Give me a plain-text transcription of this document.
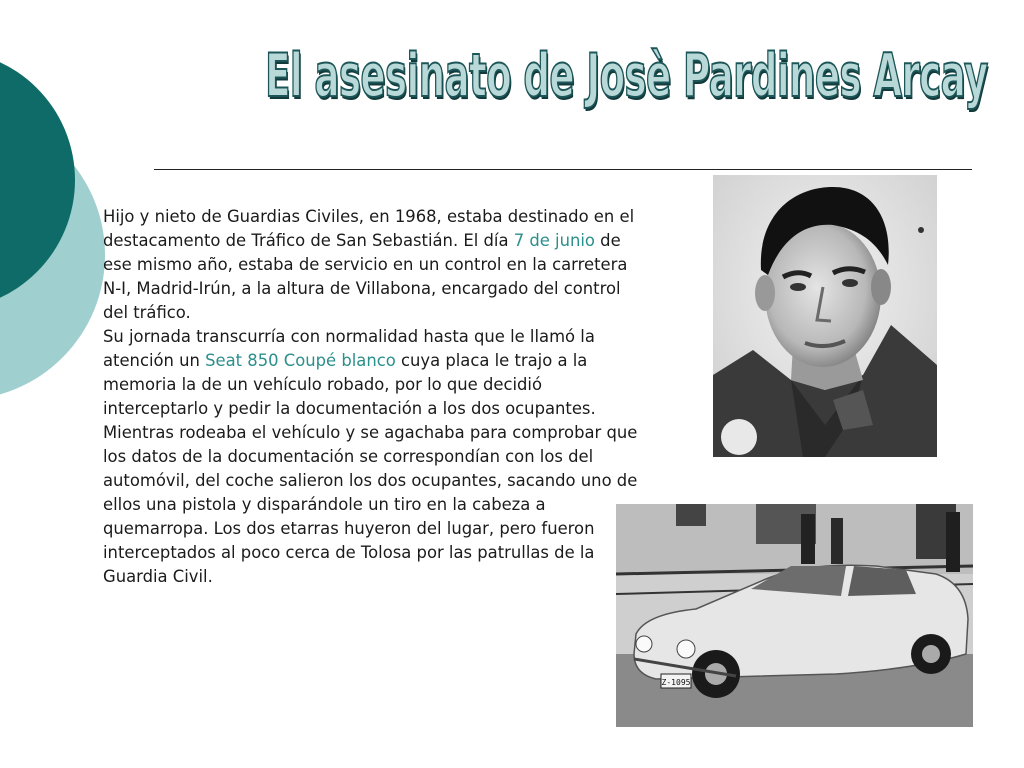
El asesinato de Josè Pardines Arcay

Hijo y nieto de Guardias Civiles, en 1968, estaba destinado en el destacamento de Tráfico de San Sebastián. El día 7 de junio de ese mismo año, estaba de servicio en un control en la carretera N-I, Madrid-Irún, a la altura de Villabona, encargado del control del tráfico.

Su jornada transcurría con normalidad hasta que le llamó la atención un Seat 850 Coupé blanco cuya placa le trajo a la memoria la de un vehículo robado, por lo que decidió interceptarlo y pedir la documentación a los dos ocupantes.

Mientras rodeaba el vehículo y se agachaba para comprobar que los datos de la documentación se correspondían con los del automóvil, del coche salieron los dos ocupantes, sacando uno de ellos una pistola y disparándole un tiro en la cabeza a quemarropa. Los dos etarras huyeron del lugar, pero fueron interceptados al poco cerca de Tolosa por las patrullas de la Guardia Civil.

Z-1095
